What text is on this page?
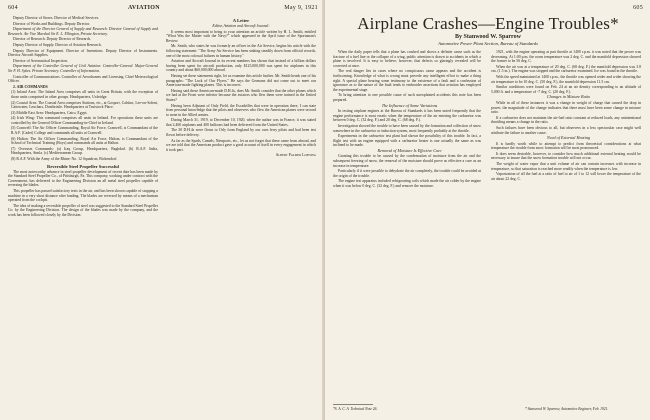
604	AVIATION	May 9, 1921

Deputy Director of Stores. Director of Medical Services.

Director of Works and Buildings. Deputy Director.

Department of the Director General of Supply and Research: Director General of Supply and Research. Air Vice Marshal Sir E. L. Ellington, Private Secretary.

Director of Research. Deputy Director of Research.

Deputy Director of Supply. Director of Aviation Research.

Deputy Director of Equipment. Director of Inventions. Deputy Director of Instruments. Director Aircraft Supplies.

Director of Aeronautical Inspection.

Department of the Controller General of Civil Aviation: Controller-General. Major-General Sir F. H. Sykes. Private Secretary. Controller of Information.

Controller of Communications. Controller of Aerodromes and Licensing. Chief Meteorological Officer.

2. AIR COMMANDS

(1) Inland Area: The Inland Area comprises all units in Great Britain, with the exception of those units comprised in other groups. Headquarters, Uxbridge.

(2) Coastal Area: The Coastal Area comprises Stations, etc., at Gosport, Calshot, Lee-on-Solent, Cattewater, Leuchars, Donibristle. Headquarters at Tavistock Place.

(3) Middle East Area: Headquarters, Cairo, Egypt.

(4) Irish Wing: This command comprises all units in Ireland. For operations these units are controlled by the General Officer Commanding-in-Chief in Ireland.

(5) Cranwell: The Air Officer Commanding, Royal Air Force, Cranwell, is Commandant of the R.A.F. (Cadet) College and commands all units at Cranwell.

(6) Halton: The Air Officer Commanding, Royal Air Force, Halton, is Commandant of the School of Technical Training (Boys) and commands all units at Halton.

(7) Overseas Commands: (a) Iraq Group, Headquarters, Baghdad. (b) R.A.F. India, Headquarters, Simla. (c) Mediterranean Group.

(8) R.A.F. With the Army of the Rhine: No. 12 Squadron, Bickendorf.

Reversible Steel Propeller Successful

The most noteworthy advance in steel propeller development of recent date has been made by the Standard Steel Propeller Co., of Pittsburgh, Pa. This company, working under contract with the Government, has delivered to the Engineering Division an all metal steel propeller capable of reversing the blades.

This propeller has passed satisfactory tests in the air, and has been shown capable of stopping a machine in a very short distance after landing. The blades are reversed by means of a mechanism operated from the cockpit.

The idea of making a reversible propeller of steel was suggested to the Standard Steel Propeller Co. by the Engineering Division. The design of the blades was made by the company, and the work has been followed closely by the Division.

A Letter

Editor, Aviation and Aircraft Journal:

It seems most important to bring to your attention an article written by H. L. Smith, entitled "What Was the Matter with the Navy?" which appeared in the April issue of the Sportsman's Review.

Mr. Smith, who states he was formerly an officer in the Air Service, begins his article with the following statement: "The Army Air Service has been sinking steadily down from official records, one of the most colossal failures in human history."

Aviation and Aircraft Journal in its recent numbers has shown that instead of a billion dollars having been spent for aircraft production, only $125,000,000 was spent for airplanes in this country and about $60,000,000 abroad.

Having set these statements right, let us examine this article further. Mr. Smith heads one of his paragraphs: "The Luck of Our Flyers." He says the Germans did not come out to meet our American-made fighting planes. This is incorrect.

Having said these American-made D.H.4s, does Mr. Smith consider that the other planes which we had at the Front were inferior because the aviators who flew them were trained in the United States?

Having been Adjutant of Only Field, the Escadrilles that were in operation there, I can state from personal knowledge that the pilots and observers who flew the American planes were second to none in the Allied armies.

During March 31, 1919, to December 10, 1920, when the author was in France, it was stated that 2,460 airplanes and 400 balloons had been delivered from the United States.

The 30 D.H.4s were flown to Orly from England by our own ferry pilots and had been test flown before delivery.

As far as the Spads, Camels, Nieuports, etc., let us not forget that these came from abroad, and we are told that the American product gave a good account of itself in every engagement in which it took part.

Albert Palmer Loening

605
Airplane Crashes—Engine Troubles*
By Stanwood W. Sparrow
Automotive Power Plant Section, Bureau of Standards

When the daily paper tells that a plane has crashed and shows a definite cause such as the fracture of a fuel line or the collapse of a wing, public attention is drawn to accidents in which a plane is involved. It is easy to believe, however, that defects so glaringly revealed will be corrected at once.

The real danger lies in cases where no conspicuous cause appears and the accident is forthcoming. Knowledge of what is wrong must precede any intelligent effort to make a thing right. A special plane bearing some testimony to the existence of a fault and a confession of ignorance as to the nature of the fault tends to embroider assertions that aviation has employed the experimental stage.

To bring attention to one possible cause of such unexplained accidents this note has been prepared.

The Influence of Some Variations

In testing airplane engines at the Bureau of Standards it has been noted frequently that the engine performance is most erratic when the temperature of the air entering the carburetor was between 0 deg. C. (32 deg. F.) and 20 deg. C. (68 deg. F.).

Investigation showed the trouble to have been caused by the formation and collection of snow somewhere in the carburetor or induction system, most frequently probably at the throttle.

Experiments in the carburetor test plant had shown the possibility of this trouble. In fact, a flight test with an engine equipped with a carburetor heater is one actually the same as was inclined to be made.

Removal of Moisture Is Effective Cure

Granting this trouble to be caused by the condensation of moisture from the air and the subsequent freezing of snow, the removal of the moisture should prove as effective a cure as an increase in temperature.

Particularly if it were possible to dehydrate the air completely, the trouble could be avoided at the origin of the trouble.

The engine test apparatus included refrigerating coils which made the air colder by the engine when it was below 0 deg. C. (32 deg. F.) and remove the moisture.

1921, with the engine operating at part throttle at 1400 r.p.m. it was noted that the power was decreasing. At 1:00 p.m. the room temperature was 2 deg. C. and the manifold depression showed the former to be 56 deg. C.

When the air was at a temperature of 20 deg. C. (68 deg. F.) the manifold depression was 3.8 cm. (1.5 in.). The engine was stopped and the carburetor examined. Ice was found in the throttle.

With the speed maintained at 1400 r.p.m., the throttle was opened wider and wider showing the air temperature to be 10 deg. C. (50 deg. F.), the manifold depression 11.5 cm.

Similar conditions were found on Feb. 24 at an air density corresponding to an altitude of 5,000 ft. and a temperature of -7 deg. C. (20 deg. F.).

Changes in Mixture Ratio

While in all of these instances it was a change in weight of charge that caused the drop in power, the magnitude of the change indicates that there must have been some change in mixture ratio.

If a carburetor does not maintain the air-fuel ratio constant at reduced loads, any unintentional throttling means a change in the ratio.

Such failures have been obvious to all, but observers in a less spectacular case might well attribute the failure to another cause.

Need of External Heating

It is hardly worth while to attempt to predict from theoretical considerations at what temperature the trouble from snow formation will be most pronounced.

It does seem desirable, however, to consider how much additional external heating would be necessary to insure that the snow formation trouble will not occur.

The weight of water vapor that a unit volume of air can contain increases with increase in temperature, so that saturation is reached more readily when the temperature is low.

Vaporization of all the fuel at a ratio of fuel to air of 1 to 12 will lower the temperature of the air about 22 deg. C.

*S. A. C. A. Technical Note 26.	* Stanwood W. Sparrow, Automotive Engineer, Feb. 1921.
